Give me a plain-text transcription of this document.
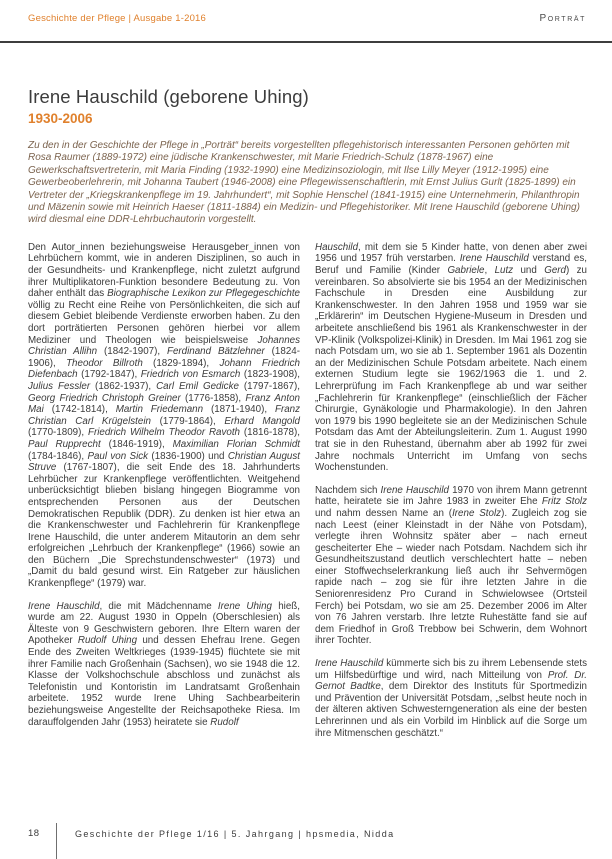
Geschichte der Pflege | Ausgabe 1-2016	Porträt
Irene Hauschild (geborene Uhing)
1930-2006

Zu den in der Geschichte der Pflege in „Porträt“ bereits vorgestellten pflegehistorisch interessanten Personen gehörten mit Rosa Raumer (1889-1972) eine jüdische Krankenschwester, mit Marie Friedrich-Schulz (1878-1967) eine Gewerkschaftsvertreterin, mit Maria Finding (1932-1990) eine Medizinsoziologin, mit Ilse Lilly Meyer (1912-1995) eine Gewerbeoberlehrerin, mit Johanna Taubert (1946-2008) eine Pflegewissenschaftlerin, mit Ernst Julius Gurlt (1825-1899) ein Vertreter der „Kriegskrankenpflege im 19. Jahrhundert“, mit Sophie Henschel (1841-1915) eine Unternehmerin, Philanthropin und Mäzenin sowie mit Heinrich Haeser (1811-1884) ein Medizin- und Pflegehistoriker. Mit Irene Hauschild (geborene Uhing) wird diesmal eine DDR-Lehrbuchautorin vorgestellt.

Den Autor_innen beziehungsweise Herausgeber_innen von Lehrbüchern kommt, wie in anderen Disziplinen, so auch in der Gesundheits- und Krankenpflege, nicht zuletzt aufgrund ihrer Multiplikatoren-Funktion besondere Bedeutung zu. Von daher enthält das Biographische Lexikon zur Pflegegeschichte völlig zu Recht eine Reihe von Persönlichkeiten, die sich auf diesem Gebiet bleibende Verdienste erworben haben. Zu den dort porträtierten Personen gehören hierbei vor allem Mediziner und Theologen wie beispielsweise Johannes Christian Allihn (1842-1907), Ferdinand Bätzlehner (1824-1906), Theodor Billroth (1829-1894), Johann Friedrich Diefenbach (1792-1847), Friedrich von Esmarch (1823-1908), Julius Fessler (1862-1937), Carl Emil Gedicke (1797-1867), Georg Friedrich Christoph Greiner (1776-1858), Franz Anton Mai (1742-1814), Martin Friedemann (1871-1940), Franz Christian Carl Krügelstein (1779-1864), Erhard Mangold (1770-1809), Friedrich Wilhelm Theodor Ravoth (1816-1878), Paul Rupprecht (1846-1919), Maximilian Florian Schmidt (1784-1846), Paul von Sick (1836-1900) und Christian August Struve (1767-1807), die seit Ende des 18. Jahrhunderts Lehrbücher zur Krankenpflege veröffentlichten. Weitgehend unberücksichtigt blieben bislang hingegen Biogramme von entsprechenden Personen aus der Deutschen Demokratischen Republik (DDR). Zu denken ist hier etwa an die Krankenschwester und Fachlehrerin für Krankenpflege Irene Hauschild, die unter anderem Mitautorin an dem sehr erfolgreichen „Lehrbuch der Krankenpflege“ (1966) sowie an den Büchern „Die Sprechstundenschwester“ (1973) und „Damit du bald gesund wirst. Ein Ratgeber zur häuslichen Krankenpflege“ (1979) war.

Irene Hauschild, die mit Mädchenname Irene Uhing hieß, wurde am 22. August 1930 in Oppeln (Oberschlesien) als Älteste von 9 Geschwistern geboren. Ihre Eltern waren der Apotheker Rudolf Uhing und dessen Ehefrau Irene. Gegen Ende des Zweiten Weltkrieges (1939-1945) flüchtete sie mit ihrer Familie nach Großenhain (Sachsen), wo sie 1948 die 12. Klasse der Volkshochschule abschloss und zunächst als Telefonistin und Kontoristin im Landratsamt Großenhain arbeitete. 1952 wurde Irene Uhing Sachbearbeiterin beziehungsweise Angestellte der Reichsapotheke Riesa. Im darauffolgenden Jahr (1953) heiratete sie Rudolf

Hauschild, mit dem sie 5 Kinder hatte, von denen aber zwei 1956 und 1957 früh verstarben. Irene Hauschild verstand es, Beruf und Familie (Kinder Gabriele, Lutz und Gerd) zu vereinbaren. So absolvierte sie bis 1954 an der Medizinischen Fachschule in Dresden eine Ausbildung zur Krankenschwester. In den Jahren 1958 und 1959 war sie „Erklärerin“ im Deutschen Hygiene-Museum in Dresden und arbeitete anschließend bis 1961 als Krankenschwester in der VP-Klinik (Volkspolizei-Klinik) in Dresden. Im Mai 1961 zog sie nach Potsdam um, wo sie ab 1. September 1961 als Dozentin an der Medizinischen Schule Potsdam arbeitete. Nach einem externen Studium legte sie 1962/1963 die 1. und 2. Lehrerprüfung im Fach Krankenpflege ab und war seither „Fachlehrerin für Krankenpflege“ (einschließlich der Fächer Chirurgie, Gynäkologie und Pharmakologie). In den Jahren von 1979 bis 1990 begleitete sie an der Medizinischen Schule Potsdam das Amt der Abteilungsleiterin. Zum 1. August 1990 trat sie in den Ruhestand, übernahm aber ab 1992 für zwei Jahre nochmals Unterricht im Umfang von sechs Wochenstunden.

Nachdem sich Irene Hauschild 1970 von ihrem Mann getrennt hatte, heiratete sie im Jahre 1983 in zweiter Ehe Fritz Stolz und nahm dessen Name an (Irene Stolz). Zugleich zog sie nach Leest (einer Kleinstadt in der Nähe von Potsdam), verlegte ihren Wohnsitz später aber – nach erneut gescheiterter Ehe – wieder nach Potsdam. Nachdem sich ihr Gesundheitszustand deutlich verschlechtert hatte – neben einer Stoffwechselerkrankung ließ auch ihr Sehvermögen rapide nach – zog sie für ihre letzten Jahre in die Seniorenresidenz Pro Curand in Schwielowsee (Ortsteil Ferch) bei Potsdam, wo sie am 25. Dezember 2006 im Alter von 76 Jahren verstarb. Ihre letzte Ruhestätte fand sie auf dem Friedhof in Groß Trebbow bei Schwerin, dem Wohnort ihrer Tochter.

Irene Hauschild kümmerte sich bis zu ihrem Lebensende stets um Hilfsbedürftige und wird, nach Mitteilung von Prof. Dr. Gernot Badtke, dem Direktor des Instituts für Sportmedizin und Prävention der Universität Potsdam, „selbst heute noch in der älteren aktiven Schwesterngeneration als eine der besten Lehrerinnen und als ein Vorbild im Hinblick auf die Sorge um ihre Mitmenschen geschätzt.“

18	Geschichte der Pflege 1/16 | 5. Jahrgang | hpsmedia, Nidda
